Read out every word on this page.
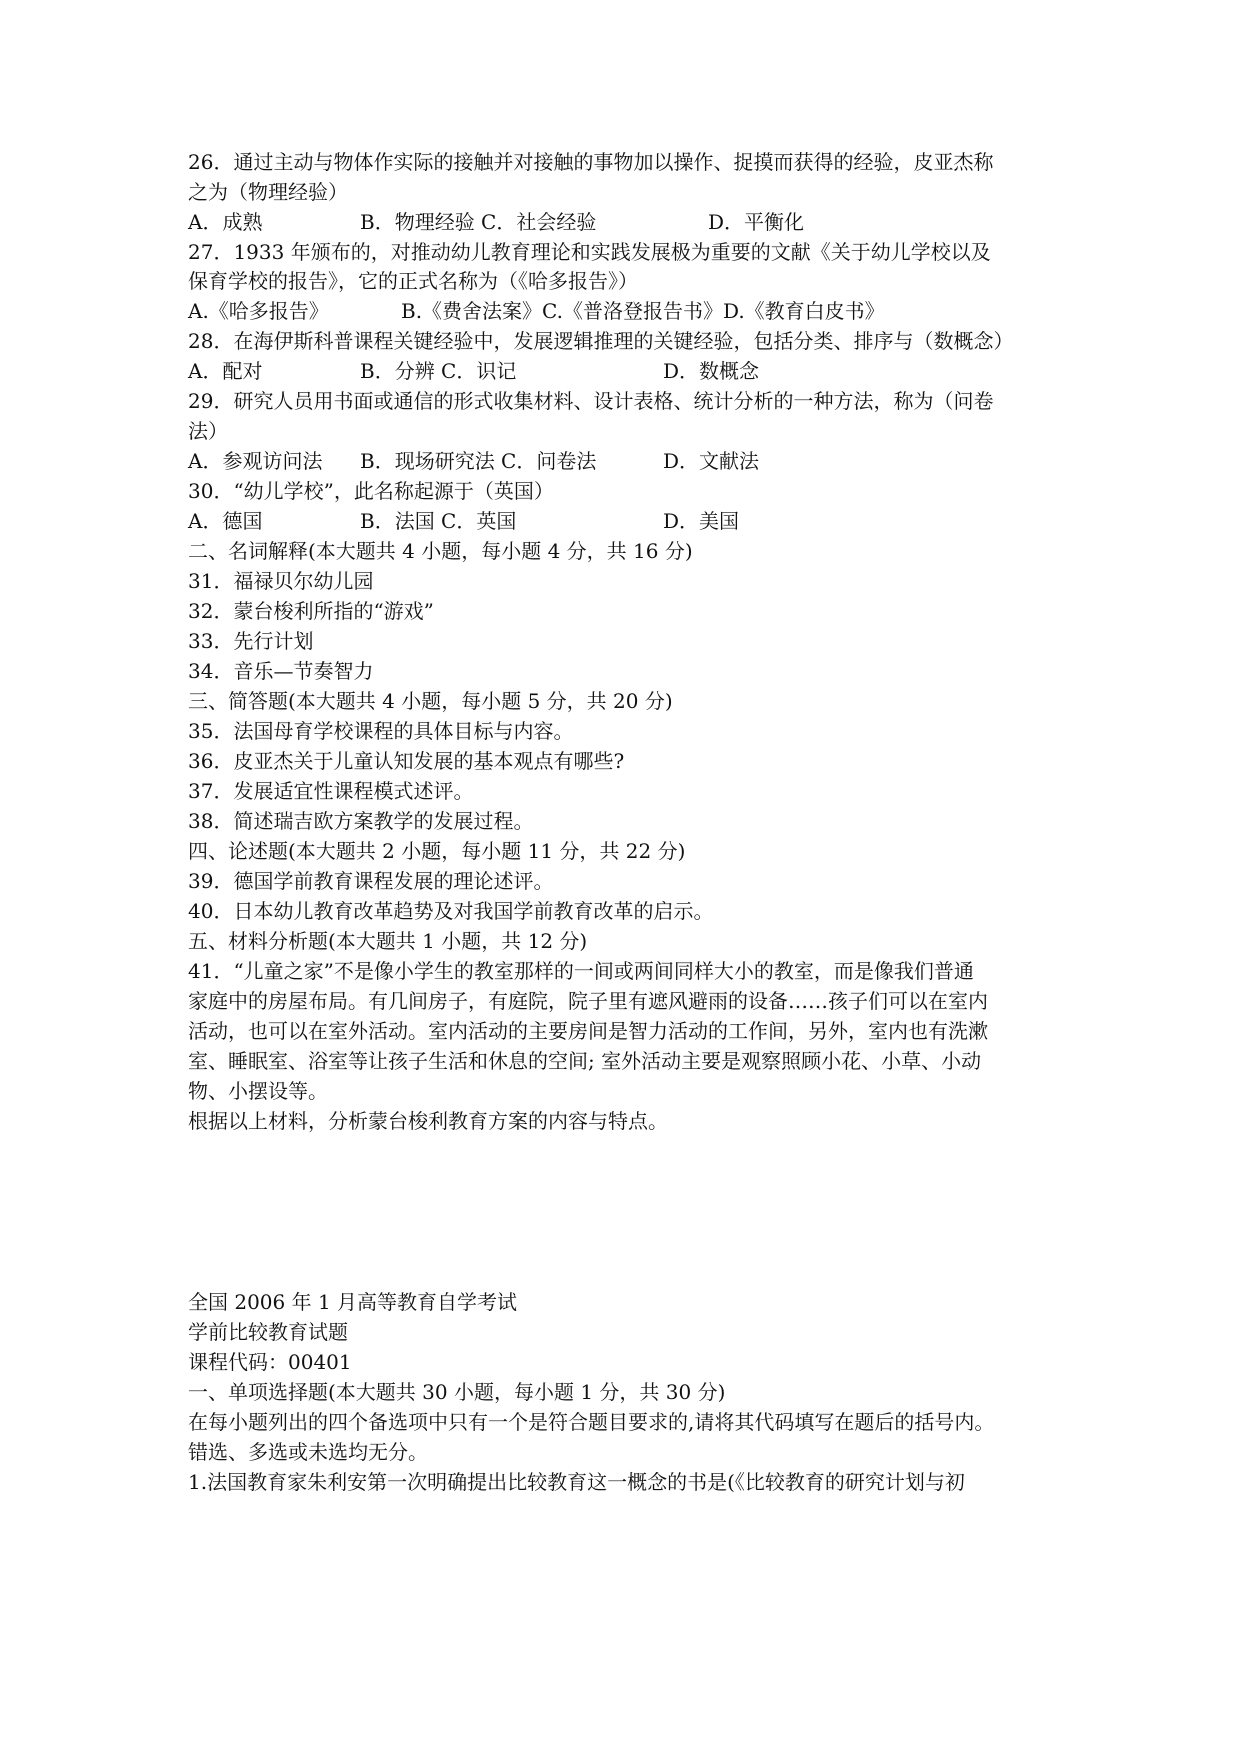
26．通过主动与物体作实际的接触并对接触的事物加以操作、捉摸而获得的经验，皮亚杰称
之为（物理经验）
A．成熟	B．物理经验 C．社会经验	D．平衡化
27．1933 年颁布的，对推动幼儿教育理论和实践发展极为重要的文献《关于幼儿学校以及
保育学校的报告》，它的正式名称为（《哈多报告》）
A.《哈多报告》	B.《费舍法案》C.《普洛登报告书》D.《教育白皮书》
28．在海伊斯科普课程关键经验中，发展逻辑推理的关键经验，包括分类、排序与（数概念）
A．配对	B．分辨 C．识记	D．数概念
29．研究人员用书面或通信的形式收集材料、设计表格、统计分析的一种方法，称为（问卷
法）
A．参观访问法 B．现场研究法 C．问卷法	D．文献法
30．“幼儿学校”，此名称起源于（英国）
A．德国	B．法国 C．英国	D．美国
二、名词解释(本大题共 4 小题，每小题 4 分，共 16 分)
31．福禄贝尔幼儿园
32．蒙台梭利所指的“游戏”
33．先行计划
34．音乐—节奏智力
三、简答题(本大题共 4 小题，每小题 5 分，共 20 分)
35．法国母育学校课程的具体目标与内容。
36．皮亚杰关于儿童认知发展的基本观点有哪些?
37．发展适宜性课程模式述评。
38．简述瑞吉欧方案教学的发展过程。
四、论述题(本大题共 2 小题，每小题 11 分，共 22 分)
39．德国学前教育课程发展的理论述评。
40．日本幼儿教育改革趋势及对我国学前教育改革的启示。
五、材料分析题(本大题共 1 小题，共 12 分)
41．“儿童之家”不是像小学生的教室那样的一间或两间同样大小的教室，而是像我们普通
家庭中的房屋布局。有几间房子，有庭院，院子里有遮风避雨的设备……孩子们可以在室内
活动，也可以在室外活动。室内活动的主要房间是智力活动的工作间，另外，室内也有洗漱
室、睡眠室、浴室等让孩子生活和休息的空间; 室外活动主要是观察照顾小花、小草、小动
物、小摆设等。
根据以上材料，分析蒙台梭利教育方案的内容与特点。
全国 2006 年 1 月高等教育自学考试
学前比较教育试题
课程代码：00401
一、单项选择题(本大题共 30 小题，每小题 1 分，共 30 分)
在每小题列出的四个备选项中只有一个是符合题目要求的,请将其代码填写在题后的括号内。
错选、多选或未选均无分。
1.法国教育家朱利安第一次明确提出比较教育这一概念的书是(《比较教育的研究计划与初
